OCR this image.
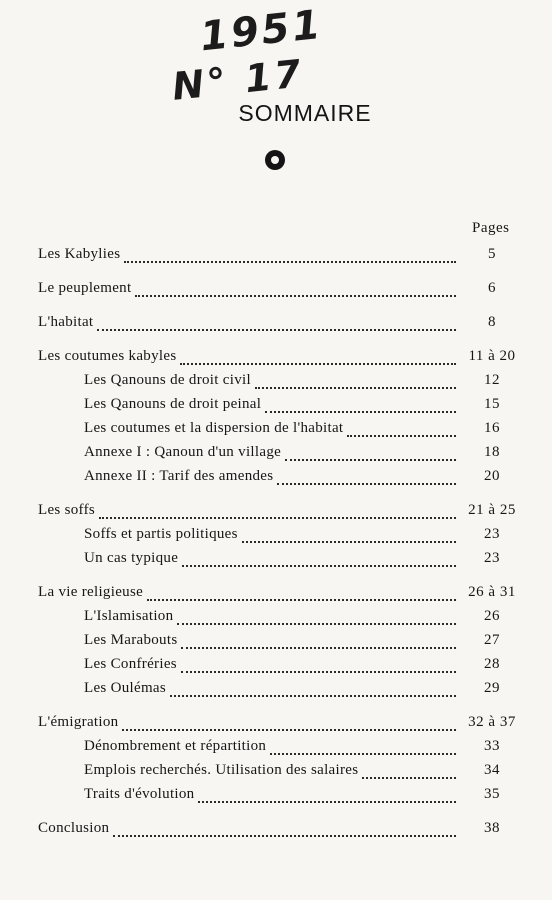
1951
N° 17
SOMMAIRE
Pages
Les Kabylies	5
Le peuplement	6
L'habitat	8
Les coutumes kabyles	11 à 20
Les Qanouns de droit civil	12
Les Qanouns de droit peinal	15
Les coutumes et la dispersion de l'habitat	16
Annexe I : Qanoun d'un village	18
Annexe II : Tarif des amendes	20
Les soffs	21 à 25
Soffs et partis politiques	23
Un cas typique	23
La vie religieuse	26 à 31
L'Islamisation	26
Les Marabouts	27
Les Confréries	28
Les Oulémas	29
L'émigration	32 à 37
Dénombrement et répartition	33
Emplois recherchés. Utilisation des salaires	34
Traits d'évolution	35
Conclusion	38
